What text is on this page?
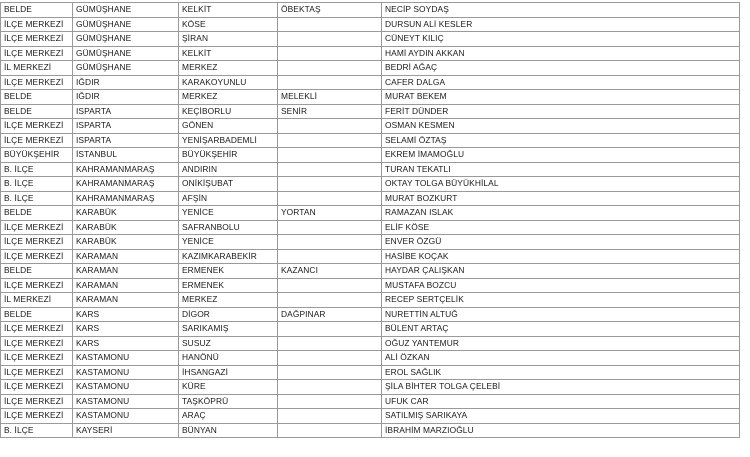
BELDE	GÜMÜŞHANE	KELKİT	ÖBEKTAŞ	NECİP SOYDAŞ
İLÇE MERKEZİ	GÜMÜŞHANE	KÖSE		DURSUN ALİ KESLER
İLÇE MERKEZİ	GÜMÜŞHANE	ŞİRAN		CÜNEYT KILIÇ
İLÇE MERKEZİ	GÜMÜŞHANE	KELKİT		HAMİ AYDIN AKKAN
İL MERKEZİ	GÜMÜŞHANE	MERKEZ		BEDRİ AĞAÇ
İLÇE MERKEZİ	IĞDIR	KARAKOYUNLU		CAFER DALGA
BELDE	IĞDIR	MERKEZ	MELEKLİ	MURAT BEKEM
BELDE	ISPARTA	KEÇİBORLU	SENİR	FERİT DÜNDER
İLÇE MERKEZİ	ISPARTA	GÖNEN		OSMAN KESMEN
İLÇE MERKEZİ	ISPARTA	YENİŞARBADEMLİ		SELAMİ ÖZTAŞ
BÜYÜKŞEHİR	İSTANBUL	BÜYÜKŞEHİR		EKREM İMAMOĞLU
B. İLÇE	KAHRAMANMARAŞ	ANDIRIN		TURAN TEKATLI
B. İLÇE	KAHRAMANMARAŞ	ONİKİŞUBAT		OKTAY TOLGA BÜYÜKHİLAL
B. İLÇE	KAHRAMANMARAŞ	AFŞİN		MURAT BOZKURT
BELDE	KARABÜK	YENİCE	YORTAN	RAMAZAN ISLAK
İLÇE MERKEZİ	KARABÜK	SAFRANBOLU		ELİF KÖSE
İLÇE MERKEZİ	KARABÜK	YENİCE		ENVER ÖZGÜ
İLÇE MERKEZİ	KARAMAN	KAZIMKARABEKİR		HASİBE KOÇAK
BELDE	KARAMAN	ERMENEK	KAZANCI	HAYDAR ÇALIŞKAN
İLÇE MERKEZİ	KARAMAN	ERMENEK		MUSTAFA BOZCU
İL MERKEZİ	KARAMAN	MERKEZ		RECEP SERTÇELİK
BELDE	KARS	DİGOR	DAĞPINAR	NURETTİN ALTUĞ
İLÇE MERKEZİ	KARS	SARIKAMIŞ		BÜLENT ARTAÇ
İLÇE MERKEZİ	KARS	SUSUZ		OĞUZ YANTEMUR
İLÇE MERKEZİ	KASTAMONU	HANÖNÜ		ALİ ÖZKAN
İLÇE MERKEZİ	KASTAMONU	İHSANGAZİ		EROL SAĞLIK
İLÇE MERKEZİ	KASTAMONU	KÜRE		ŞİLA BİHTER TOLGA ÇELEBİ
İLÇE MERKEZİ	KASTAMONU	TAŞKÖPRÜ		UFUK CAR
İLÇE MERKEZİ	KASTAMONU	ARAÇ		SATILMIŞ SARIKAYA
B. İLÇE	KAYSERİ	BÜNYAN		İBRAHİM MARZIOĞLU
